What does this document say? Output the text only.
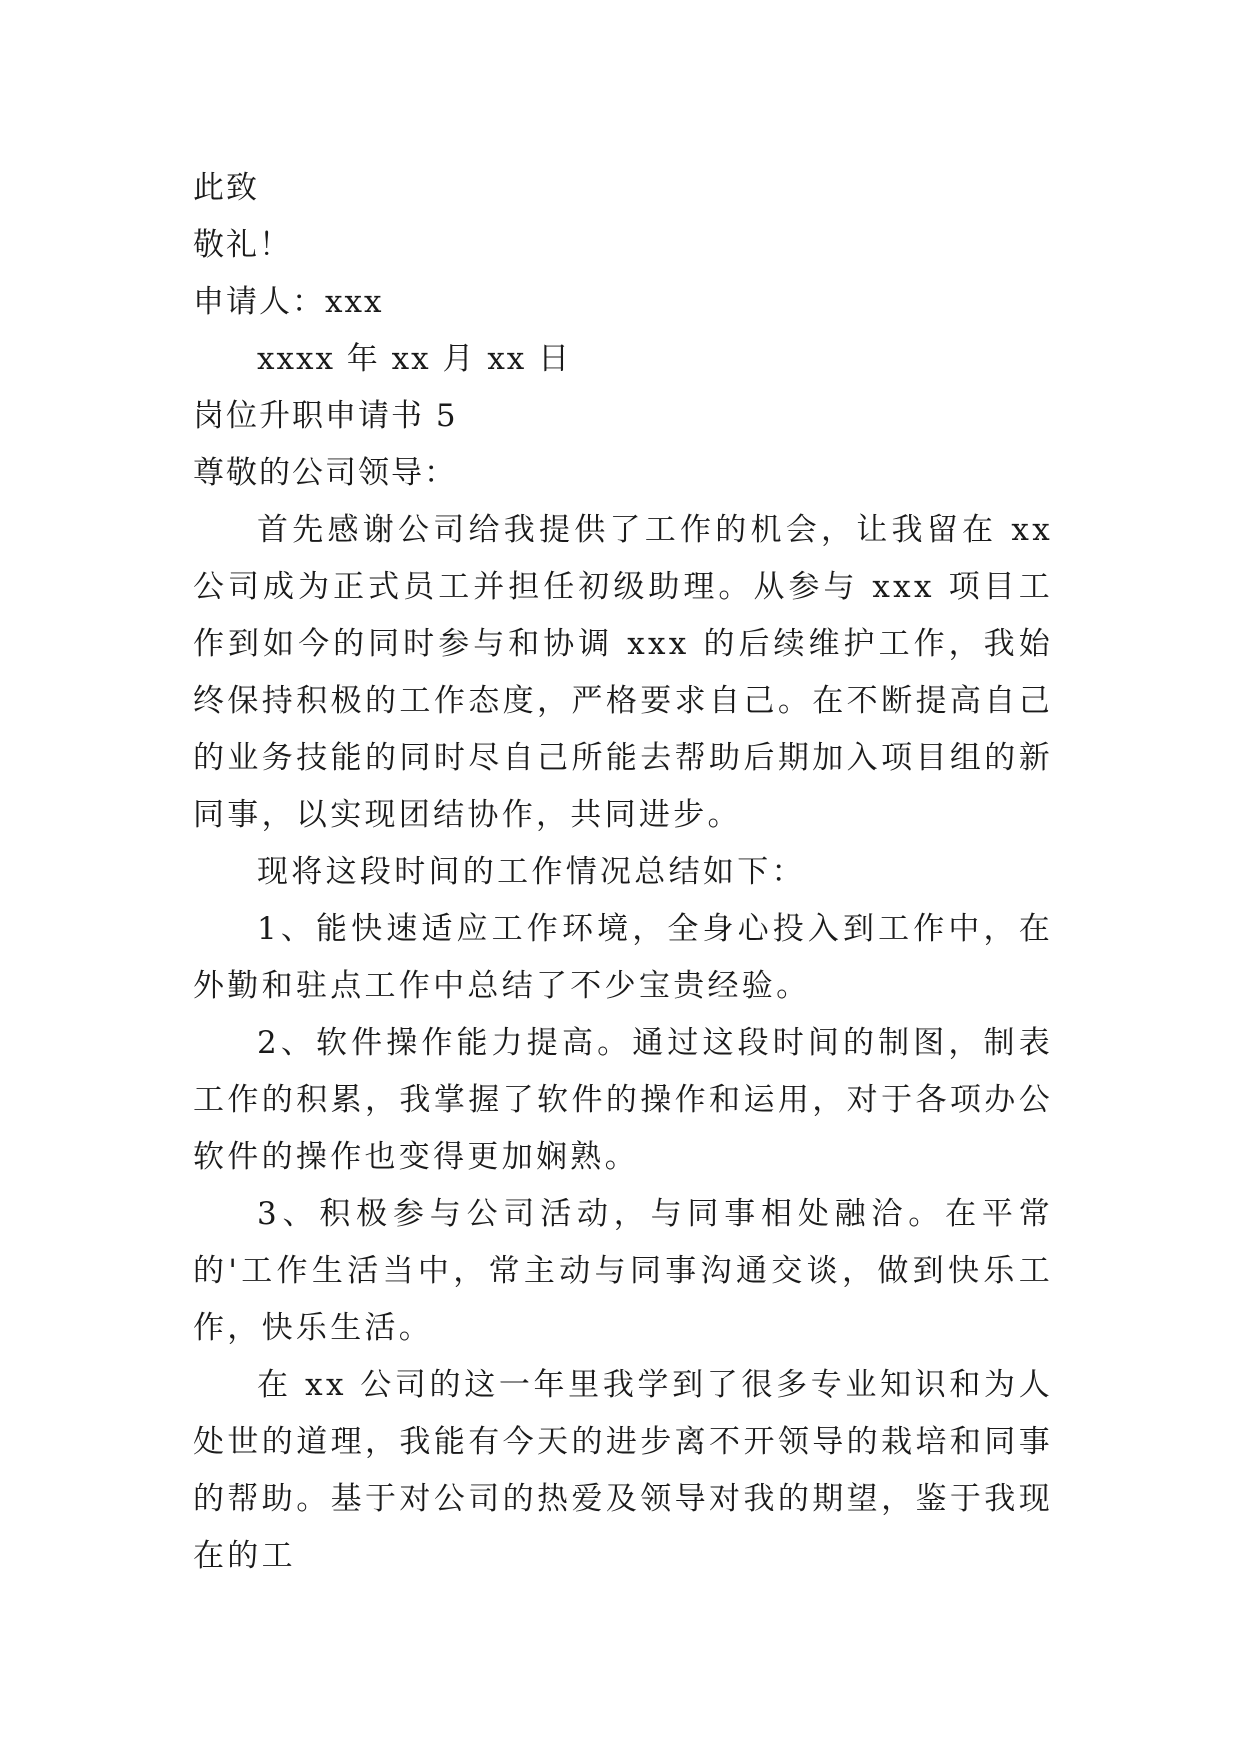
此致
敬礼！
申请人：xxx
xxxx 年 xx 月 xx 日
岗位升职申请书 5
尊敬的公司领导：

首先感谢公司给我提供了工作的机会，让我留在 xx 公司成为正式员工并担任初级助理。从参与 xxx 项目工作到如今的同时参与和协调 xxx 的后续维护工作，我始终保持积极的工作态度，严格要求自己。在不断提高自己的业务技能的同时尽自己所能去帮助后期加入项目组的新同事，以实现团结协作，共同进步。

现将这段时间的工作情况总结如下：

1、能快速适应工作环境，全身心投入到工作中，在外勤和驻点工作中总结了不少宝贵经验。

2、软件操作能力提高。通过这段时间的制图，制表工作的积累，我掌握了软件的操作和运用，对于各项办公软件的操作也变得更加娴熟。

3、积极参与公司活动，与同事相处融洽。在平常的'工作生活当中，常主动与同事沟通交谈，做到快乐工作，快乐生活。

在 xx 公司的这一年里我学到了很多专业知识和为人处世的道理，我能有今天的进步离不开领导的栽培和同事的帮助。基于对公司的热爱及领导对我的期望，鉴于我现在的工
